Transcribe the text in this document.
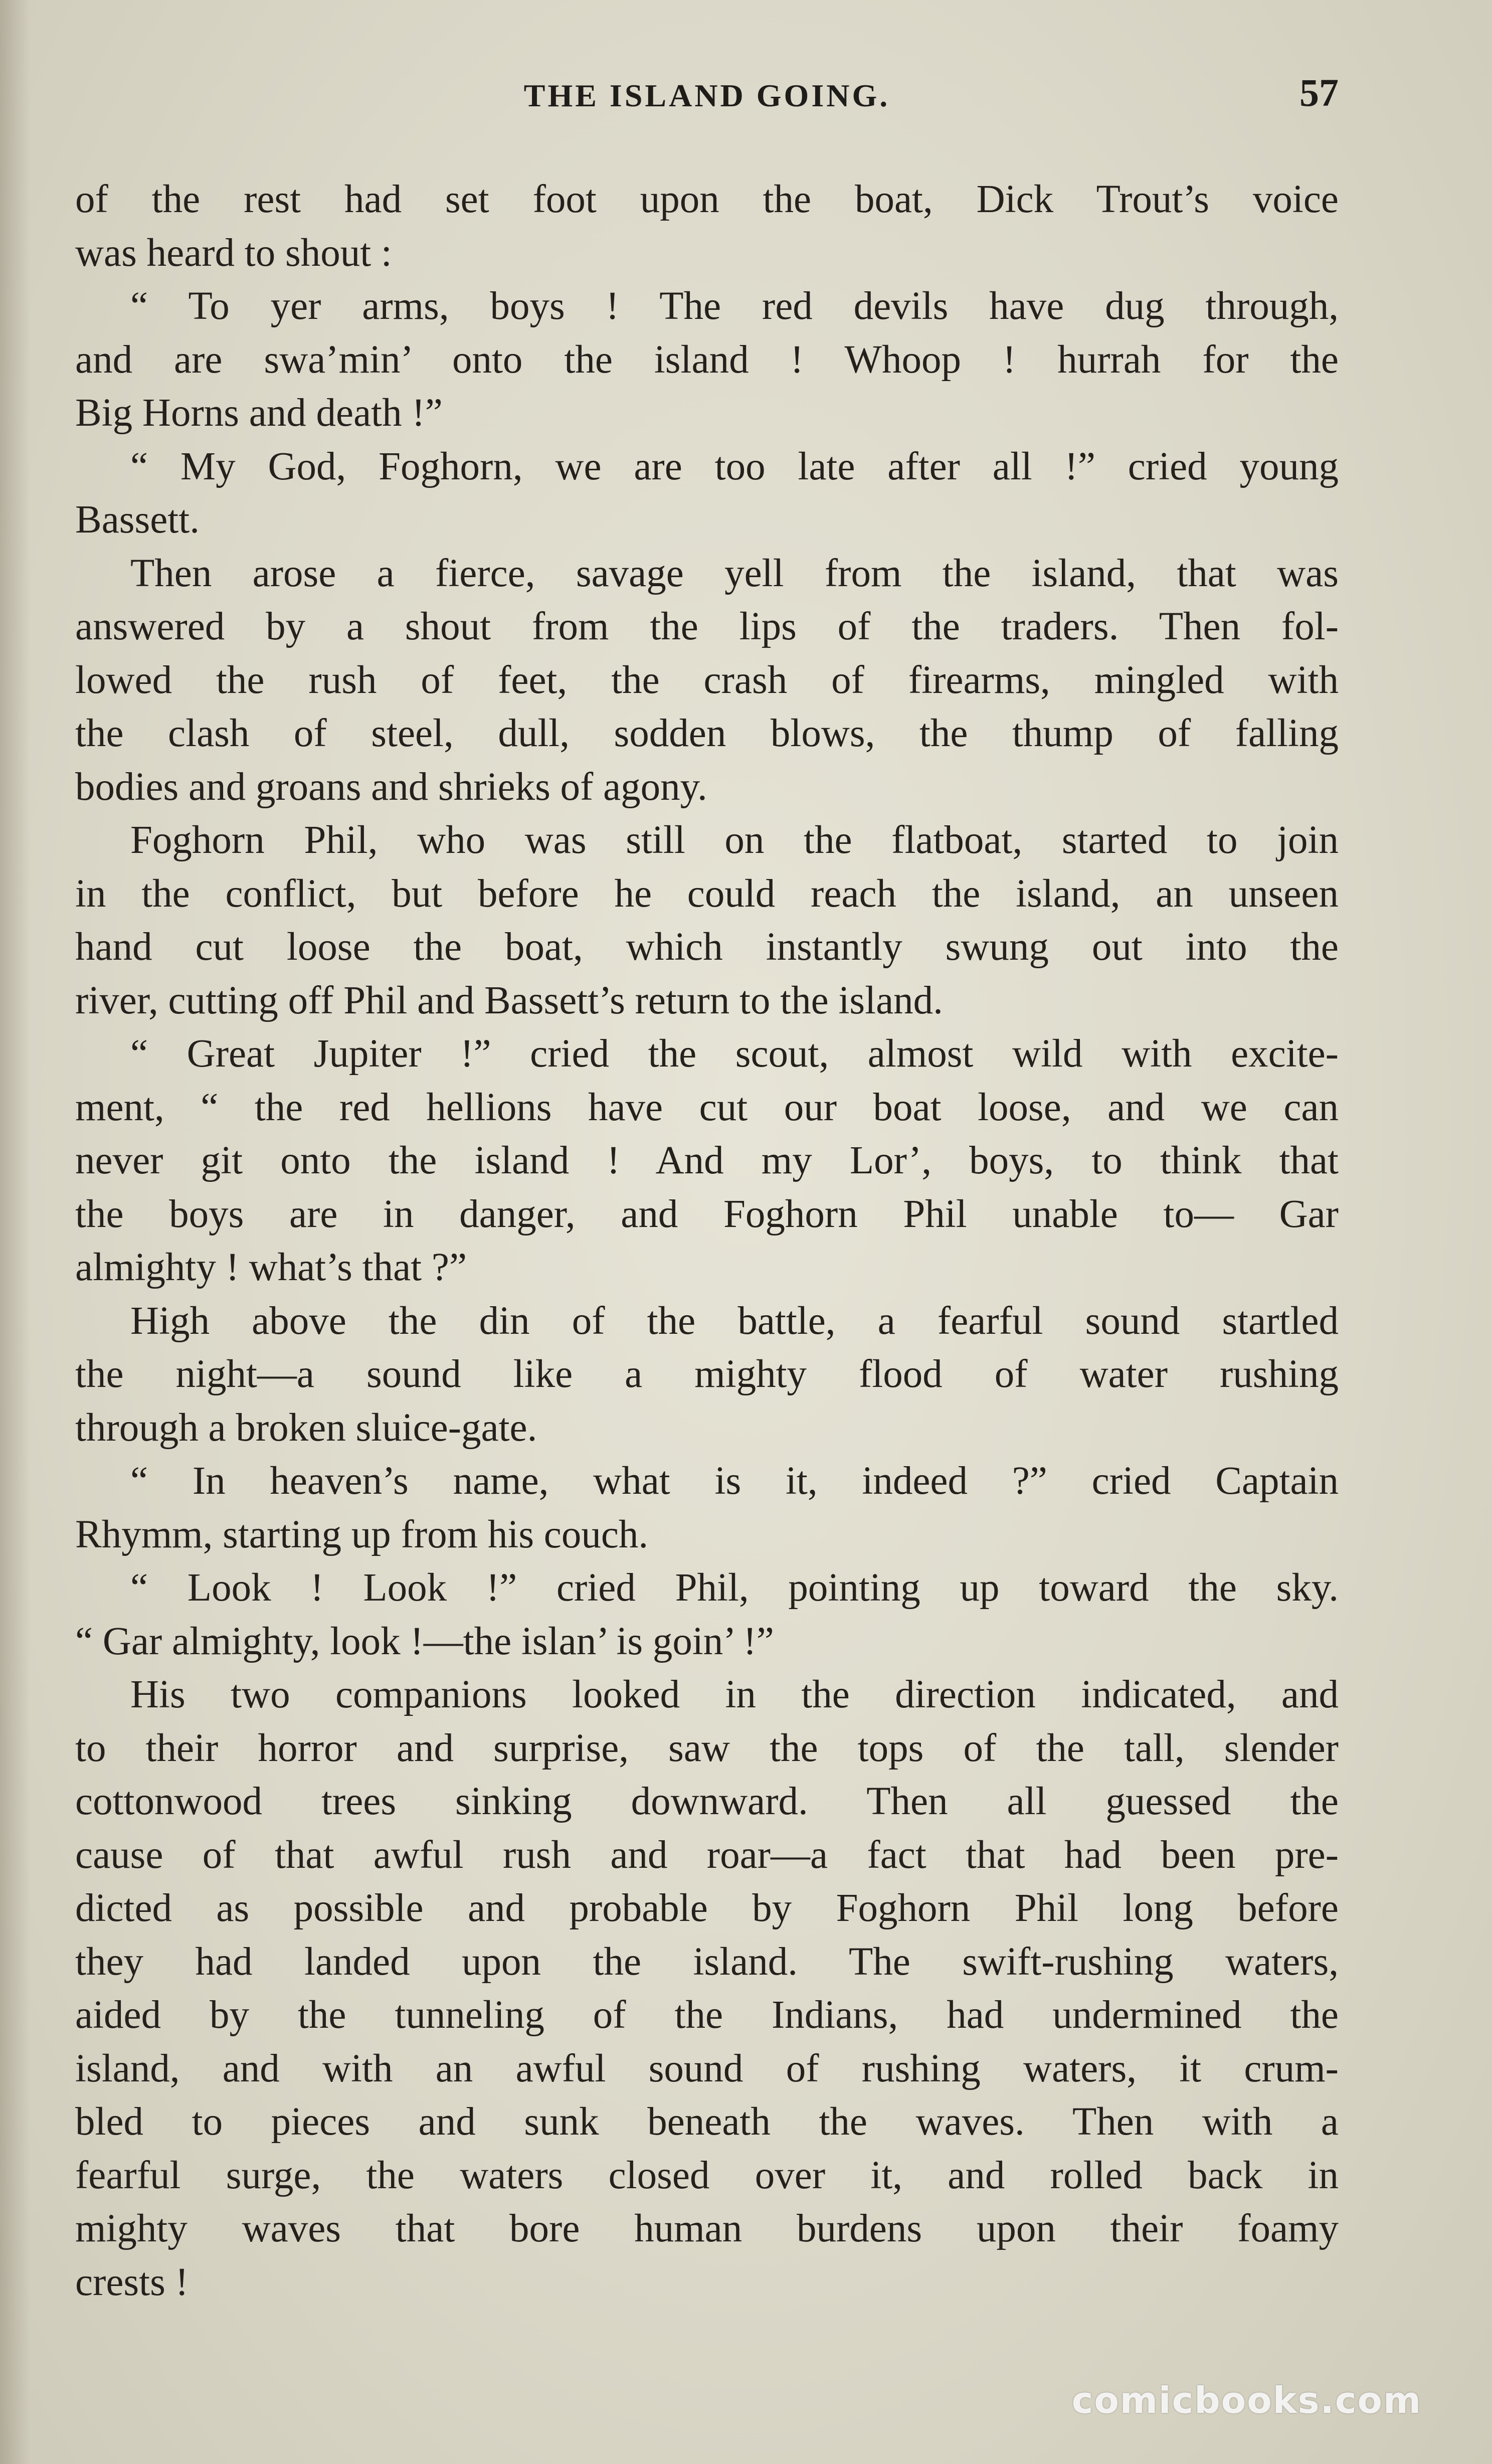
THE ISLAND GOING.	57
of the rest had set foot upon the boat, Dick Trout’s voice
was heard to shout :
“ To yer arms, boys ! The red devils have dug through,
and are swa’min’ onto the island ! Whoop ! hurrah for the
Big Horns and death !”
“ My God, Foghorn, we are too late after all !” cried young
Bassett.
Then arose a fierce, savage yell from the island, that was
answered by a shout from the lips of the traders. Then fol-
lowed the rush of feet, the crash of firearms, mingled with
the clash of steel, dull, sodden blows, the thump of falling
bodies and groans and shrieks of agony.
Foghorn Phil, who was still on the flatboat, started to join
in the conflict, but before he could reach the island, an unseen
hand cut loose the boat, which instantly swung out into the
river, cutting off Phil and Bassett’s return to the island.
“ Great Jupiter !” cried the scout, almost wild with excite-
ment, “ the red hellions have cut our boat loose, and we can
never git onto the island ! And my Lor’, boys, to think that
the boys are in danger, and Foghorn Phil unable to— Gar
almighty ! what’s that ?”
High above the din of the battle, a fearful sound startled
the night—a sound like a mighty flood of water rushing
through a broken sluice-gate.
“ In heaven’s name, what is it, indeed ?” cried Captain
Rhymm, starting up from his couch.
“ Look ! Look !” cried Phil, pointing up toward the sky.
“ Gar almighty, look !—the islan’ is goin’ !”
His two companions looked in the direction indicated, and
to their horror and surprise, saw the tops of the tall, slender
cottonwood trees sinking downward. Then all guessed the
cause of that awful rush and roar—a fact that had been pre-
dicted as possible and probable by Foghorn Phil long before
they had landed upon the island. The swift-rushing waters,
aided by the tunneling of the Indians, had undermined the
island, and with an awful sound of rushing waters, it crum-
bled to pieces and sunk beneath the waves. Then with a
fearful surge, the waters closed over it, and rolled back in
mighty waves that bore human burdens upon their foamy
crests !
comicbooks.com
